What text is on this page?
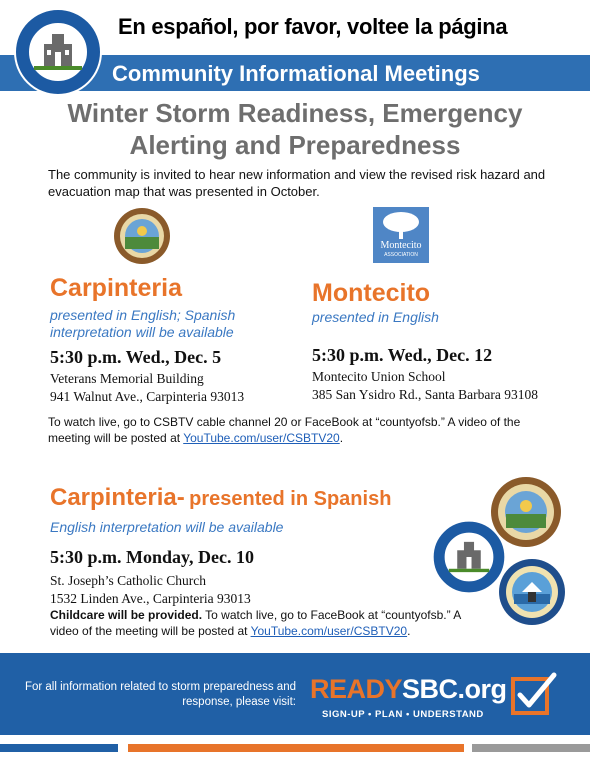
En español, por favor, voltee la página
Community Informational Meetings
Winter Storm Readiness, Emergency
Alerting and Preparedness
The community is invited to hear new information and view the revised risk hazard and evacuation map that was presented in October.
Montecito
ASSOCIATION
Carpinteria
presented in English; Spanish
interpretation will be available
5:30 p.m. Wed., Dec. 5
Veterans Memorial Building
941 Walnut Ave., Carpinteria 93013
Montecito
presented in English
5:30 p.m. Wed., Dec. 12
Montecito Union School
385 San Ysidro Rd., Santa Barbara 93108
To watch live, go to CSBTV cable channel 20 or FaceBook at “countyofsb.” A video of the meeting will be posted at YouTube.com/user/CSBTV20.
Carpinteria- presented in Spanish
English interpretation will be available
5:30 p.m. Monday, Dec. 10
St. Joseph’s Catholic Church
1532 Linden Ave., Carpinteria 93013
Childcare will be provided. To watch live, go to FaceBook at “countyofsb.” A video of the meeting will be posted at YouTube.com/user/CSBTV20.
For all information related to storm preparedness and response, please visit: READYSBC.org
SIGN-UP • PLAN • UNDERSTAND
